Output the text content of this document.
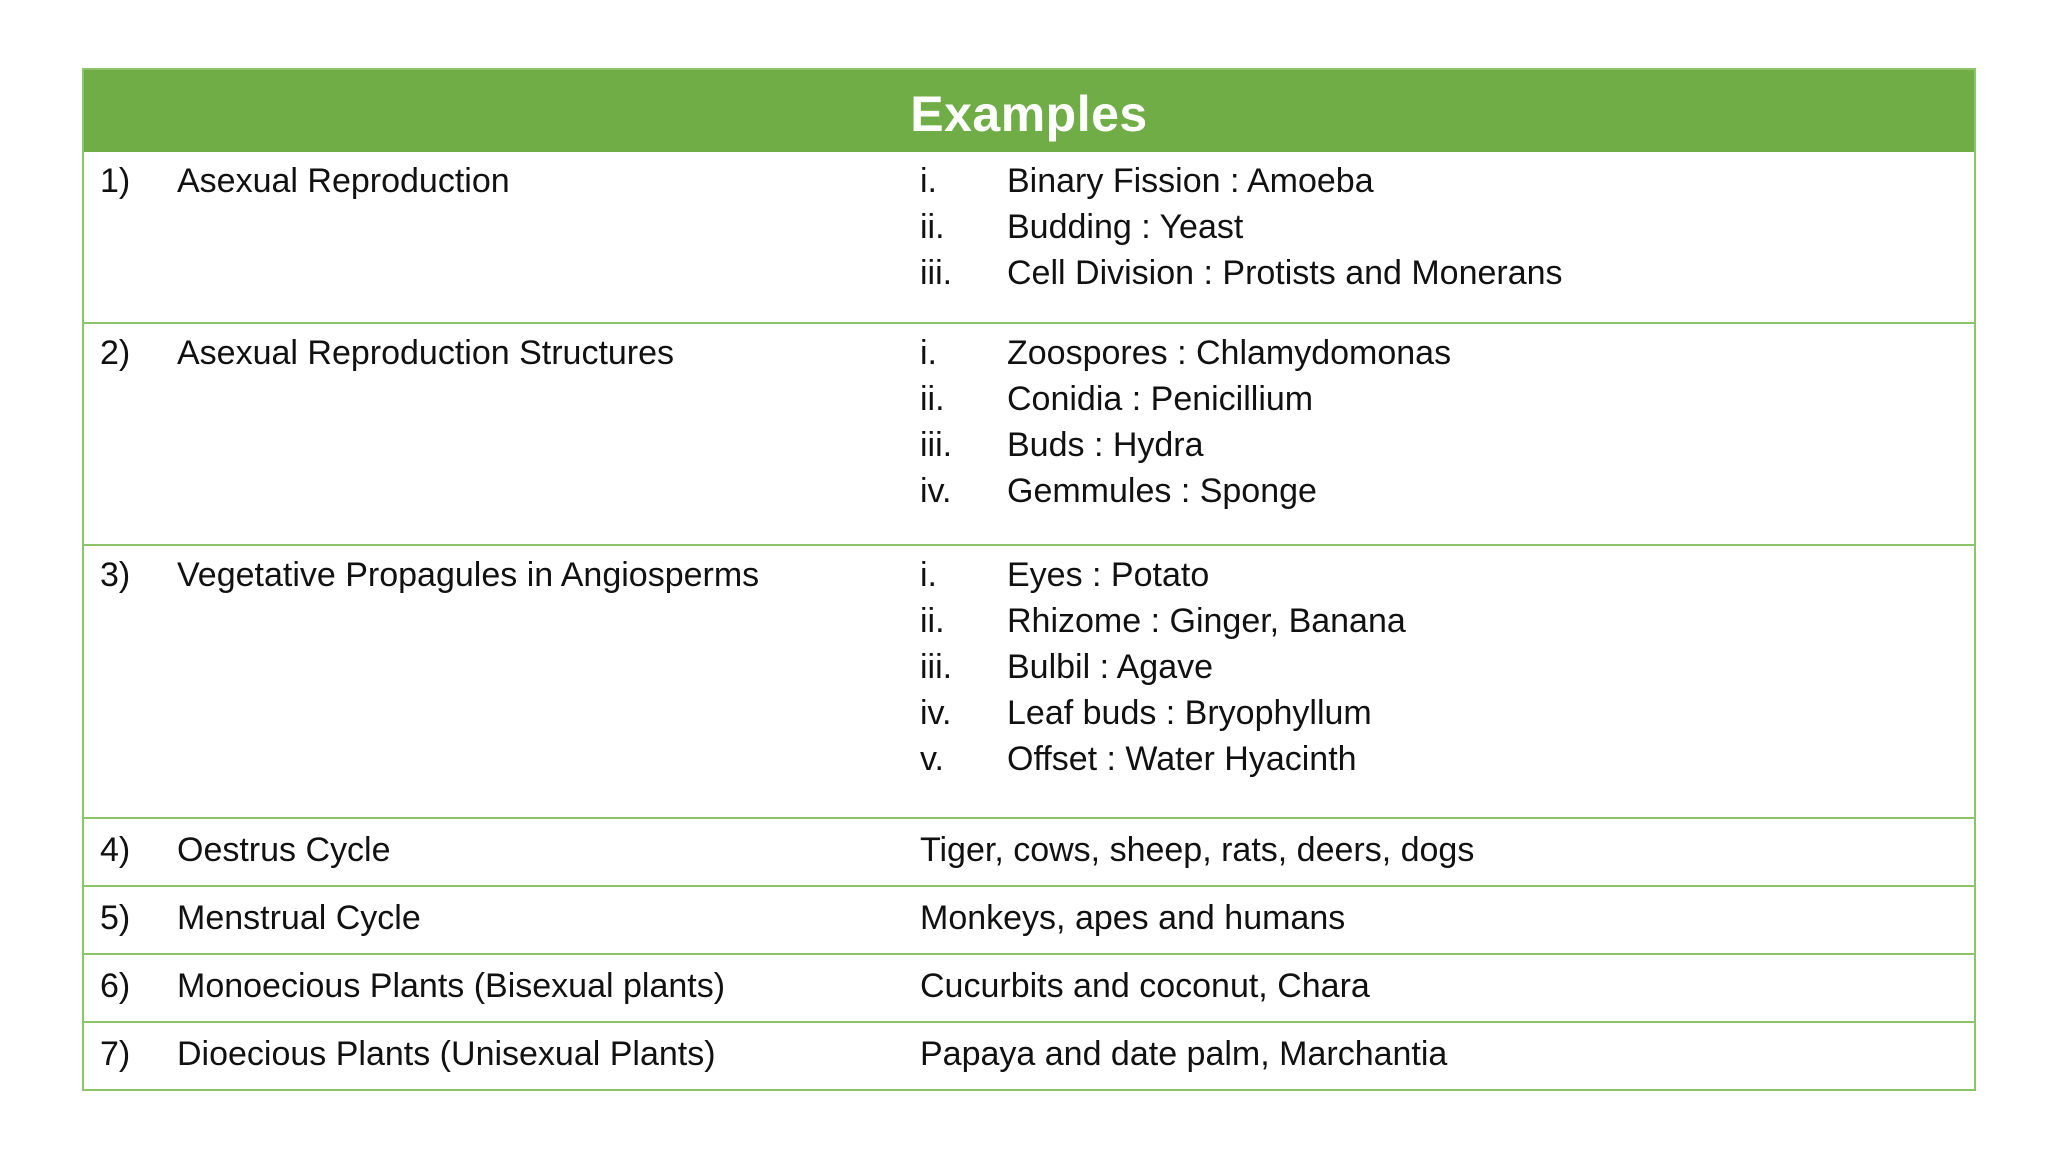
Examples
1)	Asexual Reproduction	i.	Binary Fission : Amoeba
ii.	Budding : Yeast
iii.	Cell Division : Protists and Monerans
2)	Asexual Reproduction Structures	i.	Zoospores : Chlamydomonas
ii.	Conidia : Penicillium
iii.	Buds : Hydra
iv.	Gemmules : Sponge
3)	Vegetative Propagules in Angiosperms	i.	Eyes : Potato
ii.	Rhizome : Ginger, Banana
iii.	Bulbil : Agave
iv.	Leaf buds : Bryophyllum
v.	Offset : Water Hyacinth
4)	Oestrus Cycle	Tiger, cows, sheep, rats, deers, dogs
5)	Menstrual Cycle	Monkeys, apes and humans
6)	Monoecious Plants (Bisexual plants)	Cucurbits and coconut, Chara
7)	Dioecious Plants (Unisexual Plants)	Papaya and date palm, Marchantia
